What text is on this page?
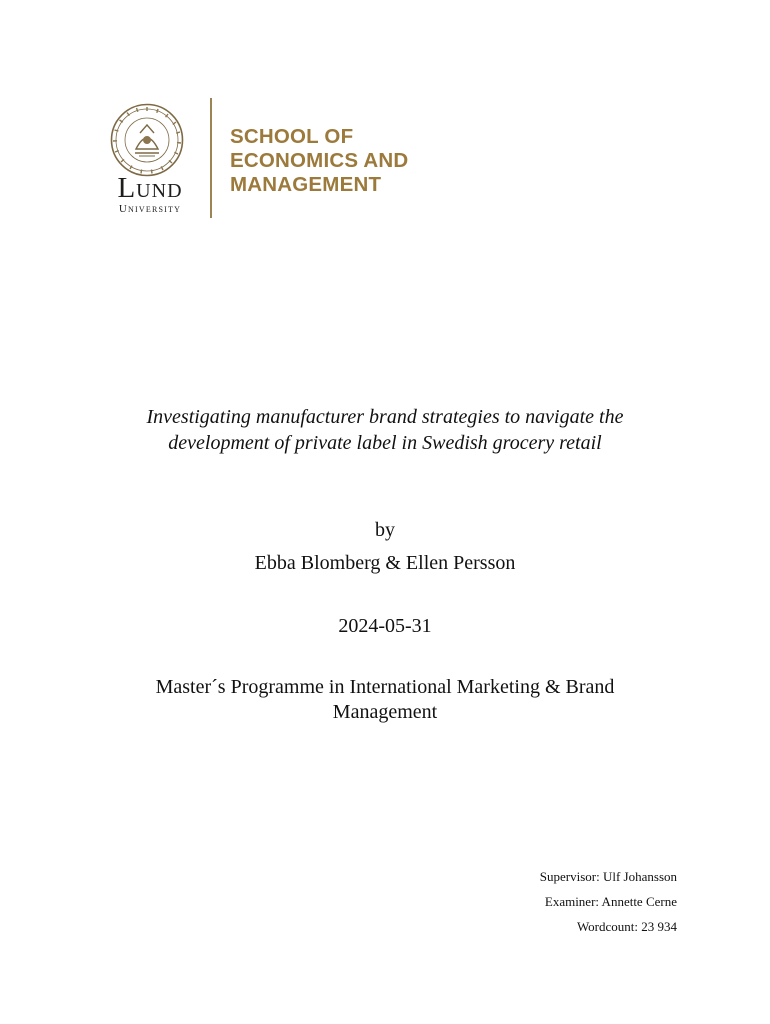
Lund
University
SCHOOL OF
ECONOMICS AND
MANAGEMENT
Investigating manufacturer brand strategies to navigate the
development of private label in Swedish grocery retail
by
Ebba Blomberg & Ellen Persson
2024-05-31
Master´s Programme in International Marketing & Brand
Management
Supervisor: Ulf Johansson
Examiner: Annette Cerne
Wordcount: 23 934
